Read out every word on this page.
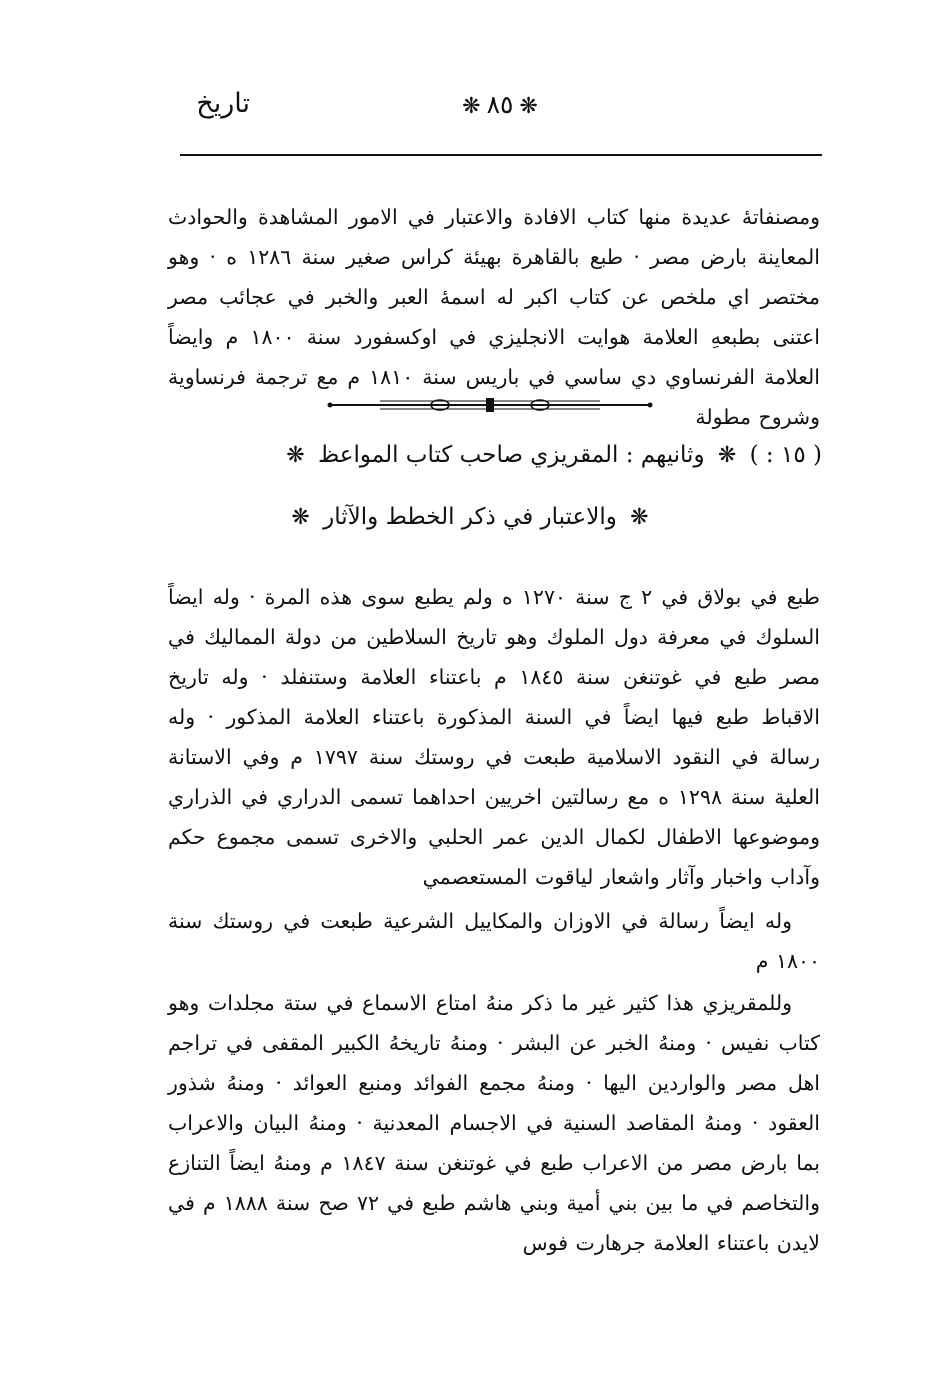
تاريخ	❋ ٨٥ ❋

ومصنفاتهٔ عديدة منها كتاب الافادة والاعتبار في الامور المشاهدة والحوادث المعاينة بارض مصر · طبع بالقاهرة بهيئة كراس صغير سنة ١٢٨٦ ه · وهو مختصر اي ملخص عن كتاب اكبر له اسمهٔ العبر والخبر في عجائب مصر اعتنى بطبعهِ العلامة هوايت الانجليزي في اوكسفورد سنة ١٨٠٠ م وايضاً العلامة الفرنساوي دي ساسي في باريس سنة ١٨١٠ م مع ترجمة فرنساوية وشروح مطولة

( ١٥ : ) ❋ وثانيهم : المقريزي صاحب كتاب المواعظ ❋
❋ والاعتبار في ذكر الخطط والآثار ❋

طبع في بولاق في ٢ ج سنة ١٢٧٠ ه ولم يطبع سوى هذه المرة · وله ايضاً السلوك في معرفة دول الملوك وهو تاريخ السلاطين من دولة المماليك في مصر طبع في غوتنغن سنة ١٨٤٥ م باعتناء العلامة وستنفلد · وله تاريخ الاقباط طبع فيها ايضاً في السنة المذكورة باعتناء العلامة المذكور · وله رسالة في النقود الاسلامية طبعت في روستك سنة ١٧٩٧ م وفي الاستانة العلية سنة ١٢٩٨ ه مع رسالتين اخريين احداهما تسمى الدراري في الذراري وموضوعها الاطفال لكمال الدين عمر الحلبي والاخرى تسمى مجموع حكم وآداب واخبار وآثار واشعار لياقوت المستعصمي

وله ايضاً رسالة في الاوزان والمكاييل الشرعية طبعت في روستك سنة ١٨٠٠ م

وللمقريزي هذا كثير غير ما ذكر منهُ امتاع الاسماع في ستة مجلدات وهو كتاب نفيس · ومنهُ الخبر عن البشر · ومنهُ تاريخهُ الكبير المقفى في تراجم اهل مصر والواردين اليها · ومنهُ مجمع الفوائد ومنبع العوائد · ومنهُ شذور العقود · ومنهُ المقاصد السنية في الاجسام المعدنية · ومنهُ البيان والاعراب بما بارض مصر من الاعراب طبع في غوتنغن سنة ١٨٤٧ م ومنهُ ايضاً التنازع والتخاصم في ما بين بني أمية وبني هاشم طبع في ٧٢ صح سنة ١٨٨٨ م في لايدن باعتناء العلامة جرهارت فوس
